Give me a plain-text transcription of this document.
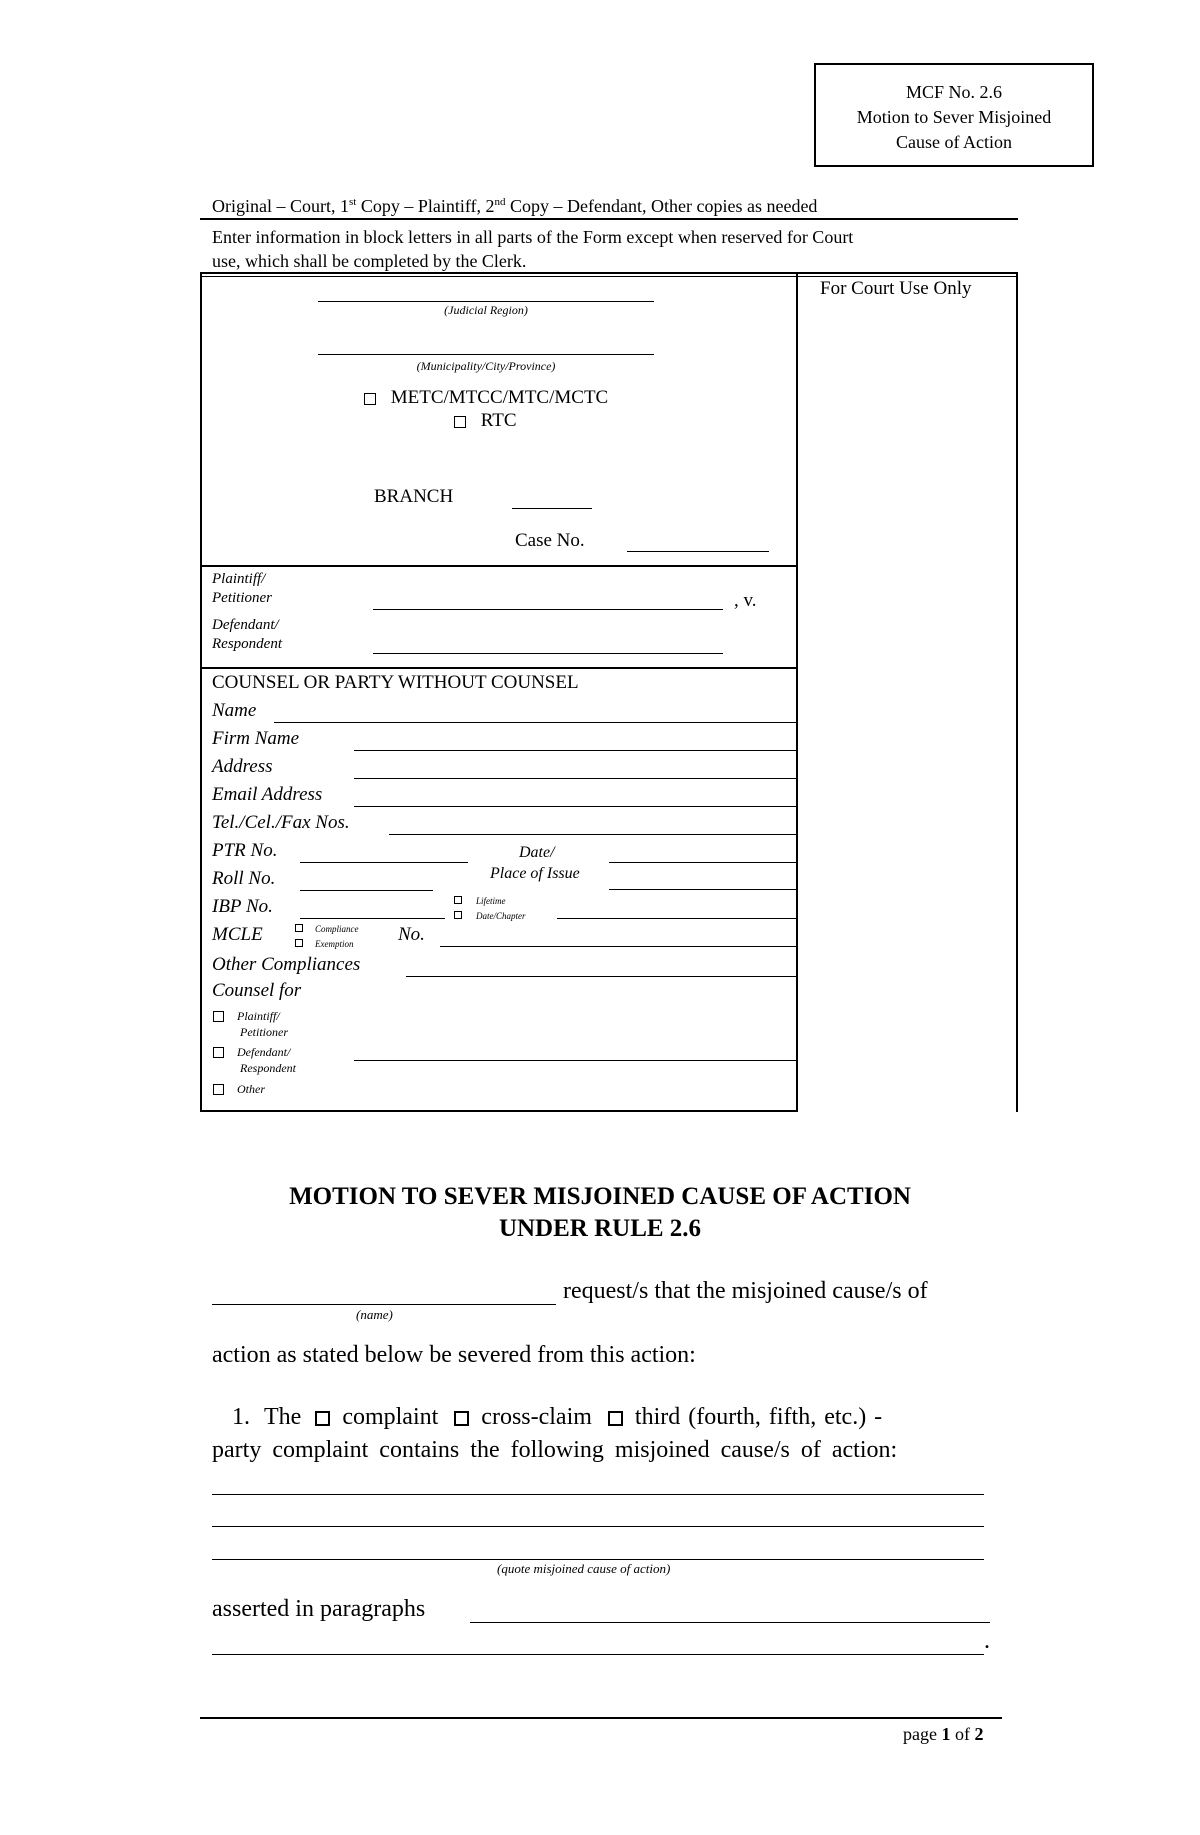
MCF No. 2.6
Motion to Sever Misjoined
Cause of Action
Original – Court, 1st Copy – Plaintiff, 2nd Copy – Defendant, Other copies as needed
Enter information in block letters in all parts of the Form except when reserved for Court
use, which shall be completed by the Clerk.
For Court Use Only
(Judicial Region)
(Municipality/City/Province)
METC/MTCC/MTC/MCTC
RTC
BRANCH
Case No.
Plaintiff/
Petitioner	, v.
Defendant/
Respondent
COUNSEL OR PARTY WITHOUT COUNSEL
Name
Firm Name
Address
Email Address
Tel./Cel./Fax Nos.
PTR No.	Date/
Roll No.	Place of Issue
IBP No.	Lifetime
Date/Chapter
MCLE	Compliance
Exemption No.
Other Compliances
Counsel for
Plaintiff/
Petitioner
Defendant/
Respondent
Other
MOTION TO SEVER MISJOINED CAUSE OF ACTION
UNDER RULE 2.6
request/s that the misjoined cause/s of
(name)
action as stated below be severed from this action:
1. The complaint cross-claim third (fourth, fifth, etc.) -
party complaint contains the following misjoined cause/s of action:
(quote misjoined cause of action)
asserted in paragraphs
.
page 1 of 2
